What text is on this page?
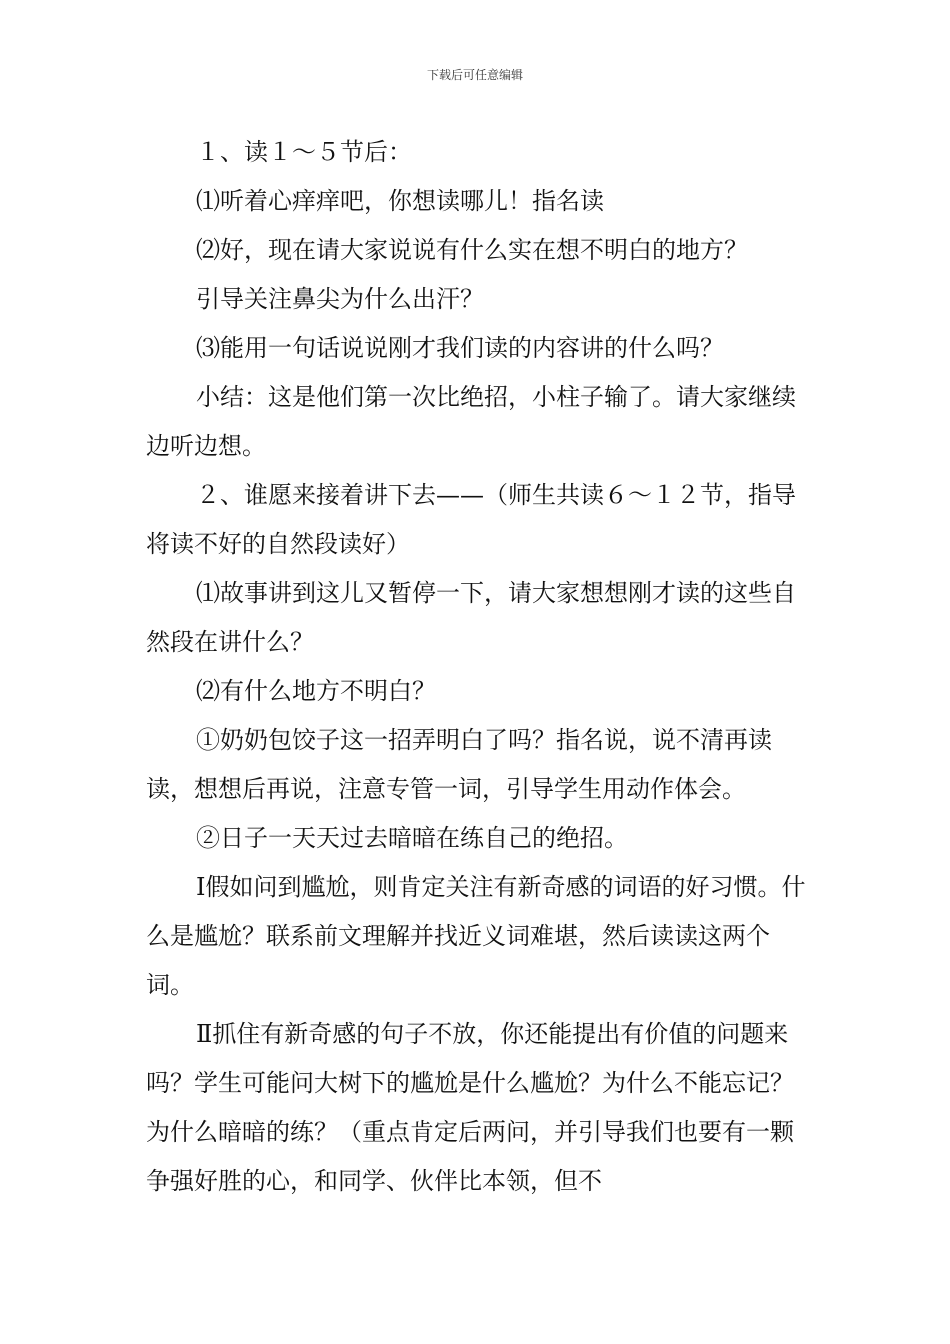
下载后可任意编辑

１、读１～５节后：

⑴听着心痒痒吧，你想读哪儿！指名读

⑵好，现在请大家说说有什么实在想不明白的地方？

引导关注鼻尖为什么出汗？

⑶能用一句话说说刚才我们读的内容讲的什么吗？

小结：这是他们第一次比绝招，小柱子输了。请大家继续边听边想。

２、谁愿来接着讲下去——（师生共读６～１２节，指导将读不好的自然段读好）

⑴故事讲到这儿又暂停一下，请大家想想刚才读的这些自然段在讲什么？

⑵有什么地方不明白？

①奶奶包饺子这一招弄明白了吗？指名说，说不清再读读，想想后再说，注意专管一词，引导学生用动作体会。

②日子一天天过去暗暗在练自己的绝招。

Ⅰ假如问到尴尬，则肯定关注有新奇感的词语的好习惯。什么是尴尬？联系前文理解并找近义词难堪，然后读读这两个词。

Ⅱ抓住有新奇感的句子不放，你还能提出有价值的问题来吗？学生可能问大树下的尴尬是什么尴尬？为什么不能忘记？为什么暗暗的练？（重点肯定后两问，并引导我们也要有一颗争强好胜的心，和同学、伙伴比本领，但不
